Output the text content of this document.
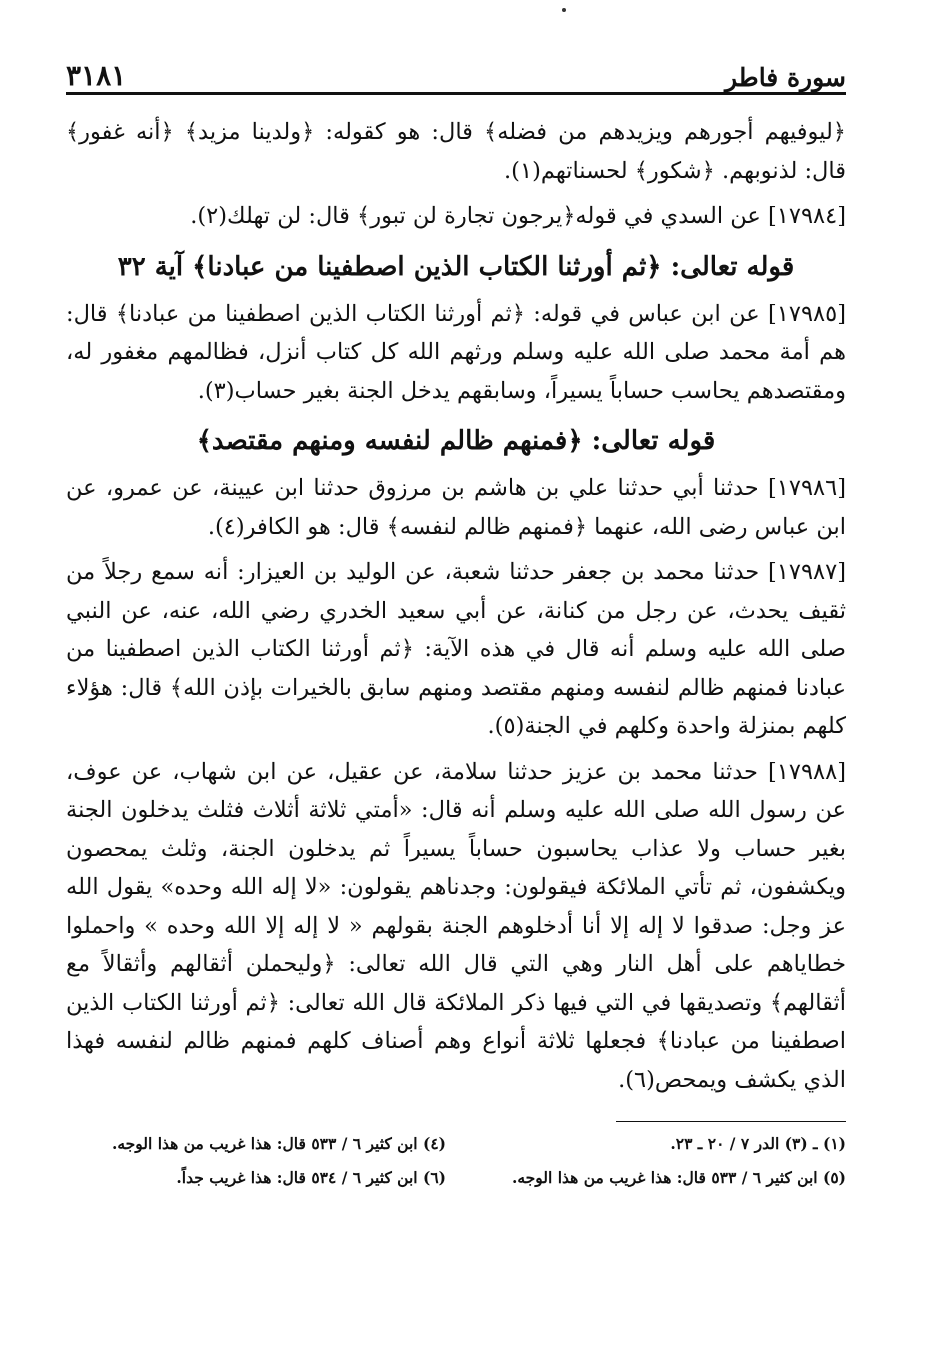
سورة فاطر
٣١٨١

﴿ليوفيهم أجورهم ويزيدهم من فضله﴾ قال: هو كقوله: ﴿ولدينا مزيد﴾ ﴿أنه غفور﴾ قال: لذنوبهم. ﴿شكور﴾ لحسناتهم(١).

[١٧٩٨٤] عن السدي في قوله﴿يرجون تجارة لن تبور﴾ قال: لن تهلك(٢).

قوله تعالى: ﴿ثم أورثنا الكتاب الذين اصطفينا من عبادنا﴾ آية ٣٢

[١٧٩٨٥] عن ابن عباس في قوله: ﴿ثم أورثنا الكتاب الذين اصطفينا من عبادنا﴾ قال: هم أمة محمد صلى الله عليه وسلم ورثهم الله كل كتاب أنزل، فظالمهم مغفور له، ومقتصدهم يحاسب حساباً يسيراً، وسابقهم يدخل الجنة بغير حساب(٣).

قوله تعالى: ﴿فمنهم ظالم لنفسه ومنهم مقتصد﴾

[١٧٩٨٦] حدثنا أبي حدثنا علي بن هاشم بن مرزوق حدثنا ابن عيينة، عن عمرو، عن ابن عباس رضى الله، عنهما ﴿فمنهم ظالم لنفسه﴾ قال: هو الكافر(٤).

[١٧٩٨٧] حدثنا محمد بن جعفر حدثنا شعبة، عن الوليد بن العيزار: أنه سمع رجلاً من ثقيف يحدث، عن رجل من كنانة، عن أبي سعيد الخدري رضي الله، عنه، عن النبي صلى الله عليه وسلم أنه قال في هذه الآية: ﴿ثم أورثنا الكتاب الذين اصطفينا من عبادنا فمنهم ظالم لنفسه ومنهم مقتصد ومنهم سابق بالخيرات بإذن الله﴾ قال: هؤلاء كلهم بمنزلة واحدة وكلهم في الجنة(٥).

[١٧٩٨٨] حدثنا محمد بن عزيز حدثنا سلامة، عن عقيل، عن ابن شهاب، عن عوف، عن رسول الله صلى الله عليه وسلم أنه قال: «أمتي ثلاثة أثلاث فثلث يدخلون الجنة بغير حساب ولا عذاب يحاسبون حساباً يسيراً ثم يدخلون الجنة، وثلث يمحصون ويكشفون، ثم تأتي الملائكة فيقولون: وجدناهم يقولون: «لا إله الله وحده» يقول الله عز وجل: صدقوا لا إله إلا أنا أدخلوهم الجنة بقولهم « لا إله إلا الله وحده » واحملوا خطاياهم على أهل النار وهي التي قال الله تعالى: ﴿وليحملن أثقالهم وأثقالاً مع أثقالهم﴾ وتصديقها في التي فيها ذكر الملائكة قال الله تعالى: ﴿ثم أورثنا الكتاب الذين اصطفينا من عبادنا﴾ فجعلها ثلاثة أنواع وهم أصناف كلهم فمنهم ظالم لنفسه فهذا الذي يكشف ويمحص(٦).

(١) ـ (٣) الدر ٧ / ٢٠ ـ ٢٣.
(٤) ابن كثير ٦ / ٥٣٣ قال: هذا غريب من هذا الوجه.
(٥) ابن كثير ٦ / ٥٣٣ قال: هذا غريب من هذا الوجه.
(٦) ابن كثير ٦ / ٥٣٤ قال: هذا غريب جداً.
